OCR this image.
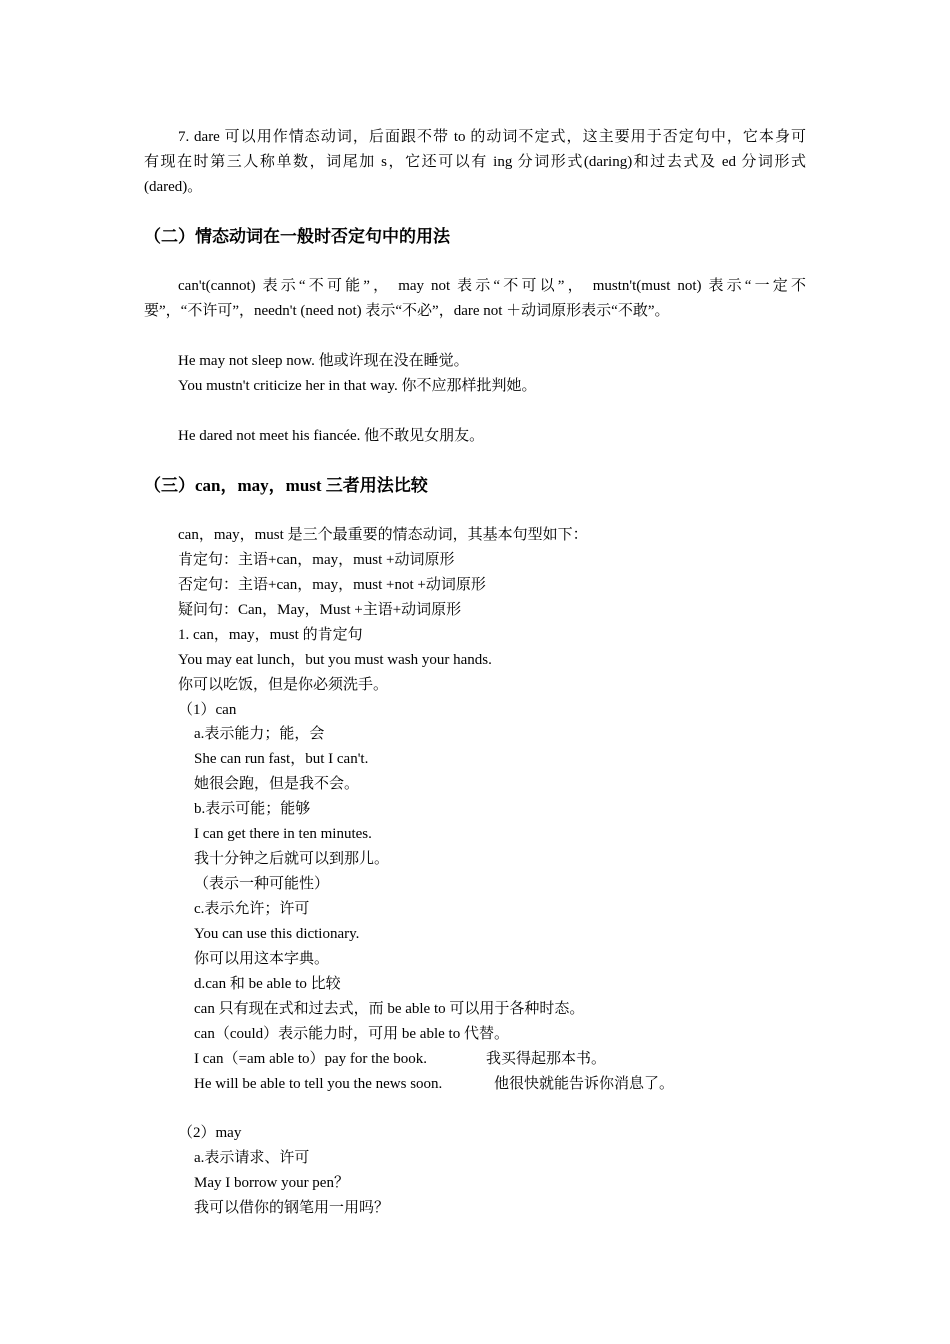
7. dare 可以用作情态动词，后面跟不带 to 的动词不定式，这主要用于否定句中，它本身可
有现在时第三人称单数，词尾加 s，它还可以有 ing 分词形式(daring)和过去式及 ed 分词形式
(dared)。
（二）情态动词在一般时否定句中的用法
can't(cannot) 表示“不可能”， may not 表示“不可以”， mustn't(must not) 表示“一定不
要”，“不许可”，needn't (need not) 表示“不必”，dare not ＋动词原形表示“不敢”。
He may not sleep now. 他或许现在没在睡觉。
You mustn't criticize her in that way. 你不应那样批判她。
He dared not meet his fiancée. 他不敢见女朋友。
（三）can，may，must 三者用法比较
can，may，must 是三个最重要的情态动词，其基本句型如下：
肯定句：主语+can，may，must +动词原形
否定句：主语+can，may，must +not +动词原形
疑问句：Can，May，Must +主语+动词原形
1. can，may，must 的肯定句
You may eat lunch，but you must wash your hands.
你可以吃饭，但是你必须洗手。
（1）can
a.表示能力；能，会
She can run fast，but I can't.
她很会跑，但是我不会。
b.表示可能；能够
I can get there in ten minutes.
我十分钟之后就可以到那儿。
（表示一种可能性）
c.表示允许；许可
You can use this dictionary.
你可以用这本字典。
d.can 和 be able to 比较
can 只有现在式和过去式，而 be able to 可以用于各种时态。
can（could）表示能力时，可用 be able to 代替。
I can（=am able to）pay for the book.	我买得起那本书。
He will be able to tell you the news soon.	他很快就能告诉你消息了。
（2）may
a.表示请求、许可
May I borrow your pen？
我可以借你的钢笔用一用吗？
